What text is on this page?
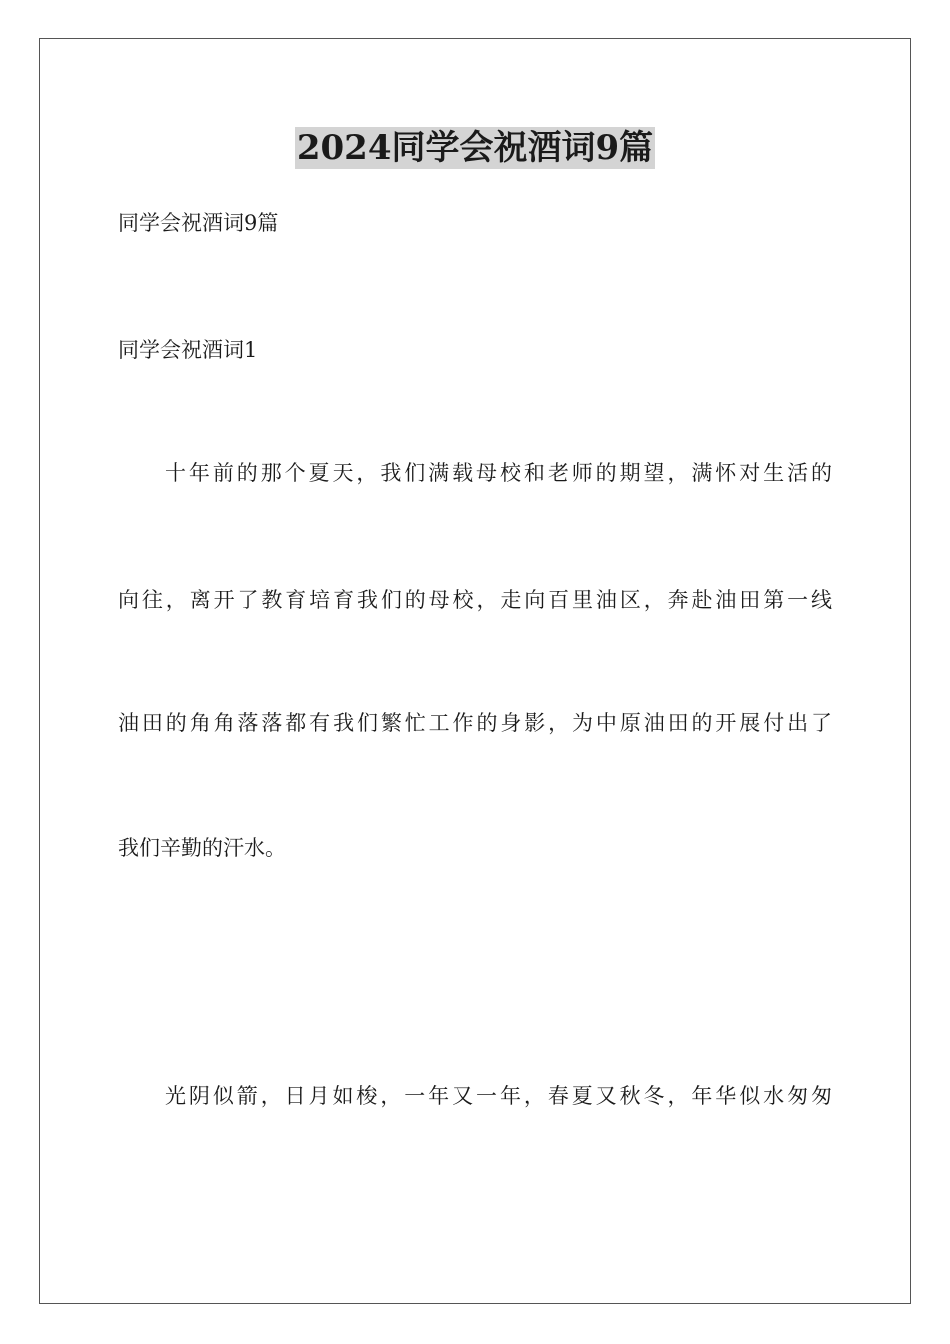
2024同学会祝酒词9篇

同学会祝酒词9篇

同学会祝酒词1

十年前的那个夏天，我们满载母校和老师的期望，满怀对生活的

向往，离开了教育培育我们的母校，走向百里油区，奔赴油田第一线

油田的角角落落都有我们繁忙工作的身影，为中原油田的开展付出了

我们辛勤的汗水。

光阴似箭，日月如梭，一年又一年，春夏又秋冬，年华似水匆匆
